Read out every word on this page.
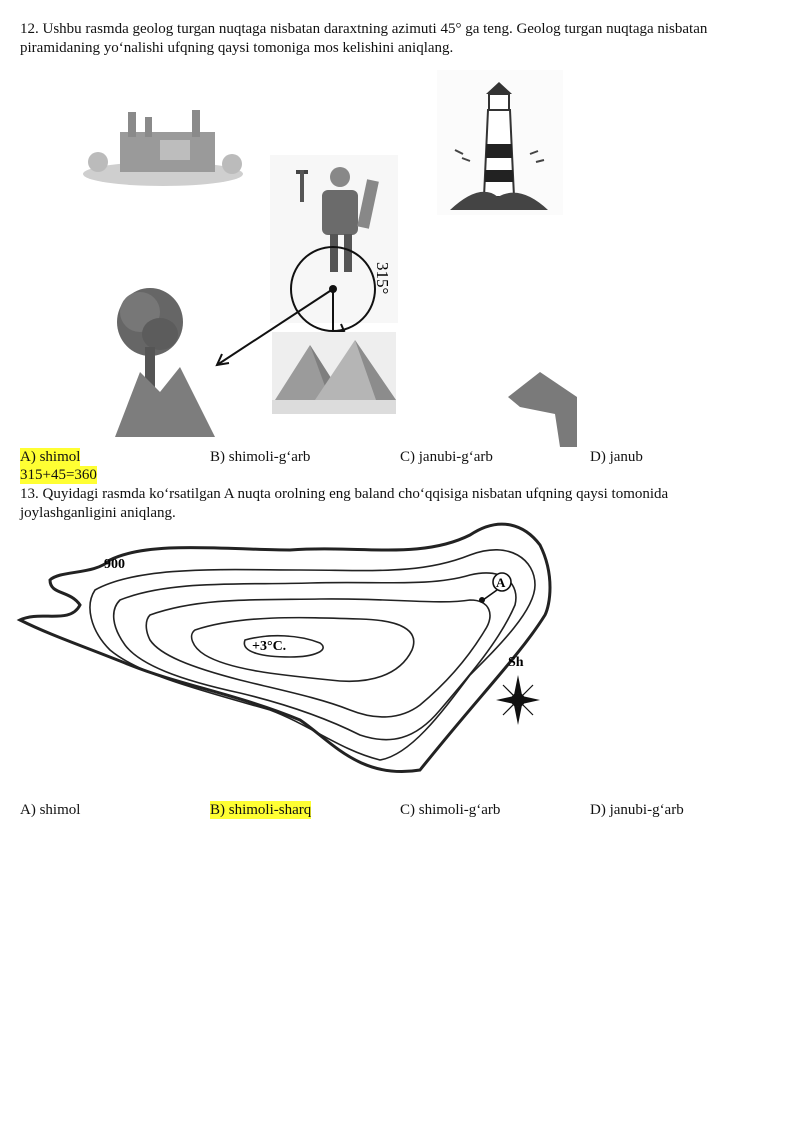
12. Ushbu rasmda geolog turgan nuqtaga nisbatan daraxtning azimuti 45° ga teng. Geolog turgan nuqtaga nisbatan
piramidaning yo‘nalishi ufqning qaysi tomoniga mos kelishini aniqlang.
315°
A) shimol	B) shimoli-g‘arb	C) janubi-g‘arb	D) janub
315+45=360
13. Quyidagi rasmda ko‘rsatilgan A nuqta orolning eng baland cho‘qqisiga nisbatan ufqning qaysi tomonida
joylashganligini aniqlang.
A
900
+3°C.
Sh
A) shimol	B) shimoli-sharq	C) shimoli-g‘arb	D) janubi-g‘arb
